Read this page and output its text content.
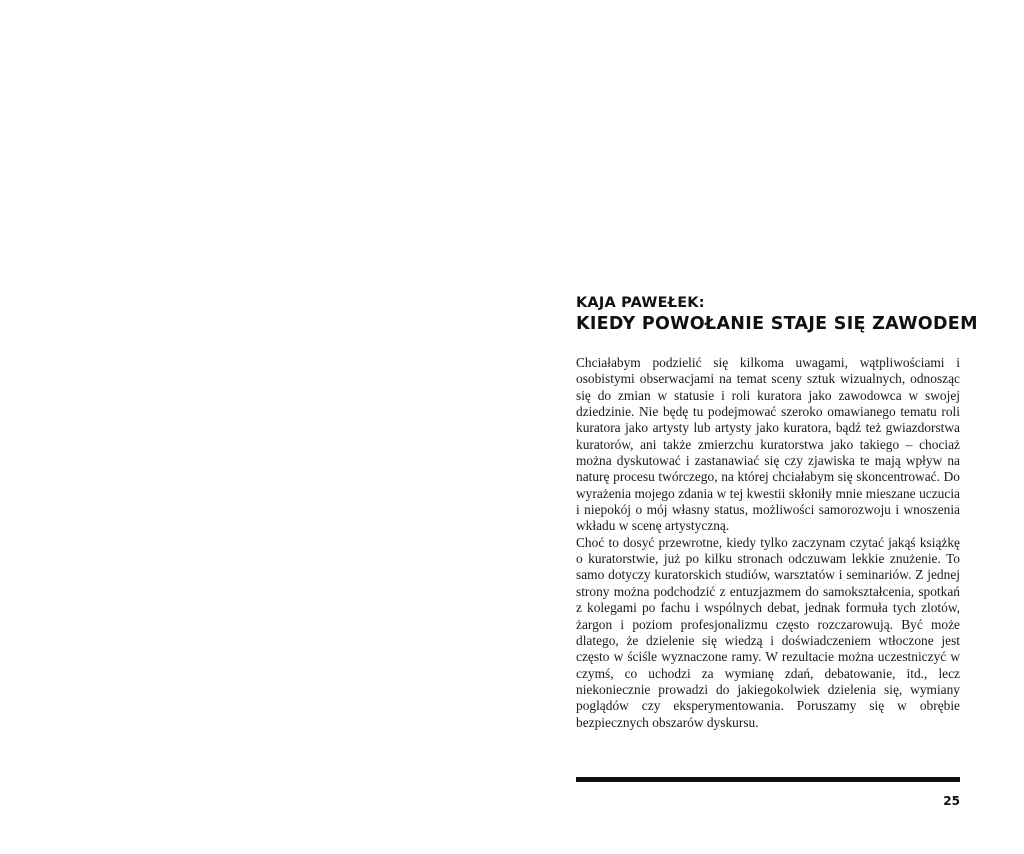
KAJA PAWEŁEK:
KIEDY POWOŁANIE STAJE SIĘ ZAWODEM

Chciałabym podzielić się kilkoma uwagami, wątpliwościami i osobistymi obserwacjami na temat sceny sztuk wizualnych, odnosząc się do zmian w statusie i roli kuratora jako zawodowca w swojej dziedzinie. Nie będę tu podejmować szeroko omawianego tematu roli kuratora jako artysty lub artysty jako kuratora, bądź też gwiazdorstwa kuratorów, ani także zmierzchu kuratorstwa jako takiego – chociaż można dyskutować i zastanawiać się czy zjawiska te mają wpływ na naturę procesu twórczego, na której chciałabym się skoncentrować. Do wyrażenia mojego zdania w tej kwestii skłoniły mnie mieszane uczucia i niepokój o mój własny status, możliwości samorozwoju i wnoszenia wkładu w scenę artystyczną.

Choć to dosyć przewrotne, kiedy tylko zaczynam czytać jakąś książkę o kuratorstwie, już po kilku stronach odczuwam lekkie znużenie. To samo dotyczy kuratorskich studiów, warsztatów i seminariów. Z jednej strony można podchodzić z entuzjazmem do samokształcenia, spotkań z kolegami po fachu i wspólnych debat, jednak formuła tych zlotów, żargon i poziom profesjonalizmu często rozczarowują. Być może dlatego, że dzielenie się wiedzą i doświadczeniem wtłoczone jest często w ściśle wyznaczone ramy. W rezultacie można uczestniczyć w czymś, co uchodzi za wymianę zdań, debatowanie, itd., lecz niekoniecznie prowadzi do jakiegokolwiek dzielenia się, wymiany poglądów czy eksperymentowania. Poruszamy się w obrębie bezpiecznych obszarów dyskursu.

25
